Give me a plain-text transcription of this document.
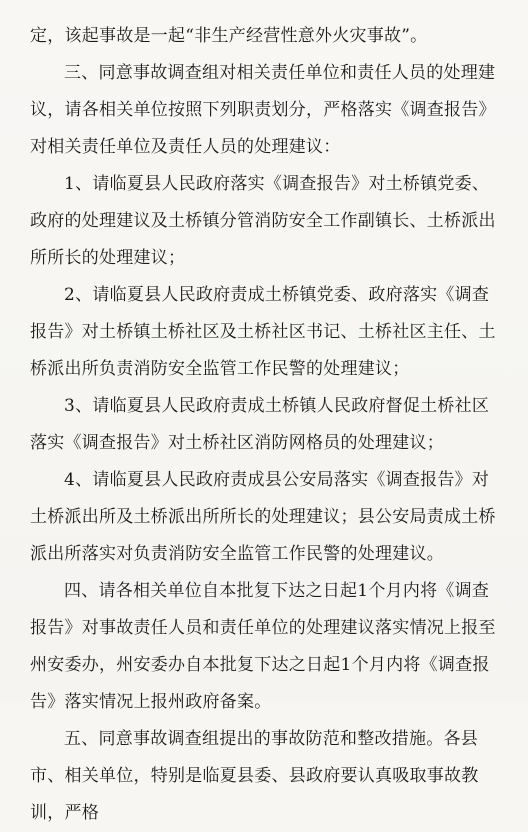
定，该起事故是一起“非生产经营性意外火灾事故”。

三、同意事故调查组对相关责任单位和责任人员的处理建议，请各相关单位按照下列职责划分，严格落实《调查报告》对相关责任单位及责任人员的处理建议：

1、请临夏县人民政府落实《调查报告》对土桥镇党委、政府的处理建议及土桥镇分管消防安全工作副镇长、土桥派出所所长的处理建议；

2、请临夏县人民政府责成土桥镇党委、政府落实《调查报告》对土桥镇土桥社区及土桥社区书记、土桥社区主任、土桥派出所负责消防安全监管工作民警的处理建议；

3、请临夏县人民政府责成土桥镇人民政府督促土桥社区落实《调查报告》对土桥社区消防网格员的处理建议；

4、请临夏县人民政府责成县公安局落实《调查报告》对土桥派出所及土桥派出所所长的处理建议；县公安局责成土桥派出所落实对负责消防安全监管工作民警的处理建议。

四、请各相关单位自本批复下达之日起1个月内将《调查报告》对事故责任人员和责任单位的处理建议落实情况上报至州安委办，州安委办自本批复下达之日起1个月内将《调查报告》落实情况上报州政府备案。

五、同意事故调查组提出的事故防范和整改措施。各县市、相关单位，特别是临夏县委、县政府要认真吸取事故教训，严格
